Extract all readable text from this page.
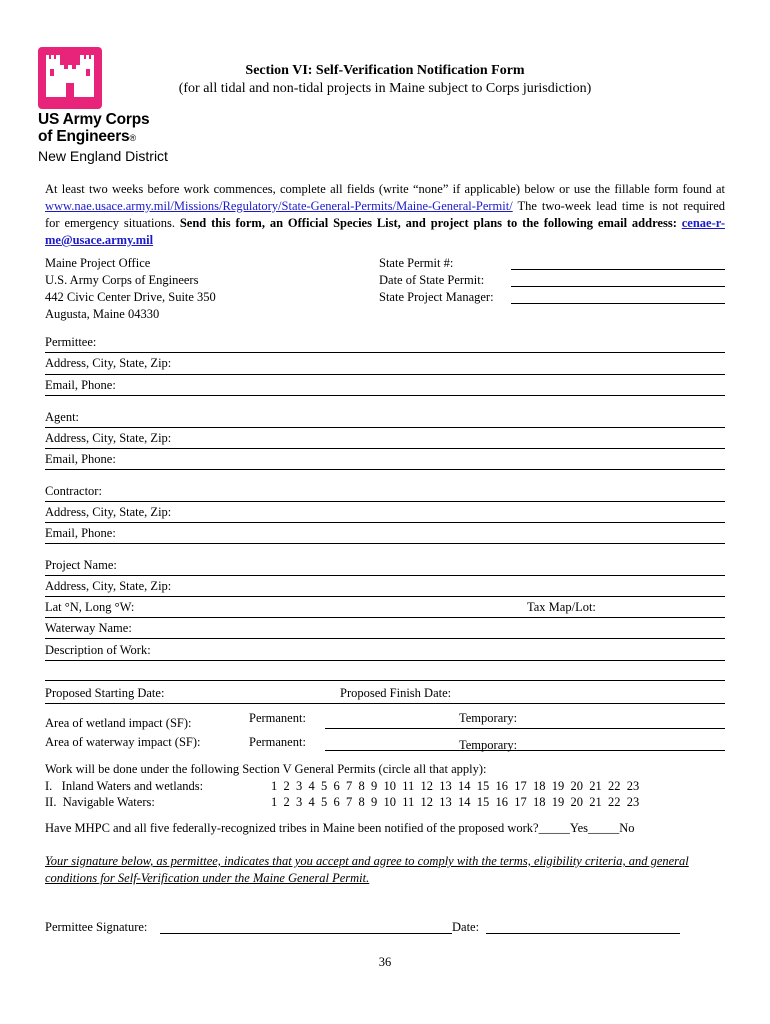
US Army Corps
of Engineers®
New England District
Section VI: Self-Verification Notification Form
(for all tidal and non-tidal projects in Maine subject to Corps jurisdiction)
At least two weeks before work commences, complete all fields (write “none” if applicable) below or use the fillable form found at www.nae.usace.army.mil/Missions/Regulatory/State-General-Permits/Maine-General-Permit/ The two-week lead time is not required for emergency situations. Send this form, an Official Species List, and project plans to the following email address: cenae-r-me@usace.army.mil
Maine Project Office
U.S. Army Corps of Engineers
442 Civic Center Drive, Suite 350
Augusta, Maine 04330
State Permit #:
Date of State Permit:
State Project Manager:
Permittee:
Address, City, State, Zip:
Email, Phone:
Agent:
Address, City, State, Zip:
Email, Phone:
Contractor:
Address, City, State, Zip:
Email, Phone:
Project Name:
Address, City, State, Zip:
Lat °N, Long °W:	Tax Map/Lot:
Waterway Name:
Description of Work:
Proposed Starting Date:	Proposed Finish Date:
Area of wetland impact (SF):	Permanent:	Temporary:
Area of waterway impact (SF):	Permanent:	Temporary:
Work will be done under the following Section V General Permits (circle all that apply):
I.   Inland Waters and wetlands:	1  2  3  4  5  6  7  8  9  10  11  12  13  14  15  16  17  18  19  20  21  22  23
II.  Navigable Waters:	1  2  3  4  5  6  7  8  9  10  11  12  13  14  15  16  17  18  19  20  21  22  23
Have MHPC and all five federally-recognized tribes in Maine been notified of the proposed work?_____Yes_____No
Your signature below, as permittee, indicates that you accept and agree to comply with the terms, eligibility criteria, and general conditions for Self-Verification under the Maine General Permit.
Permittee Signature:	Date:
36
